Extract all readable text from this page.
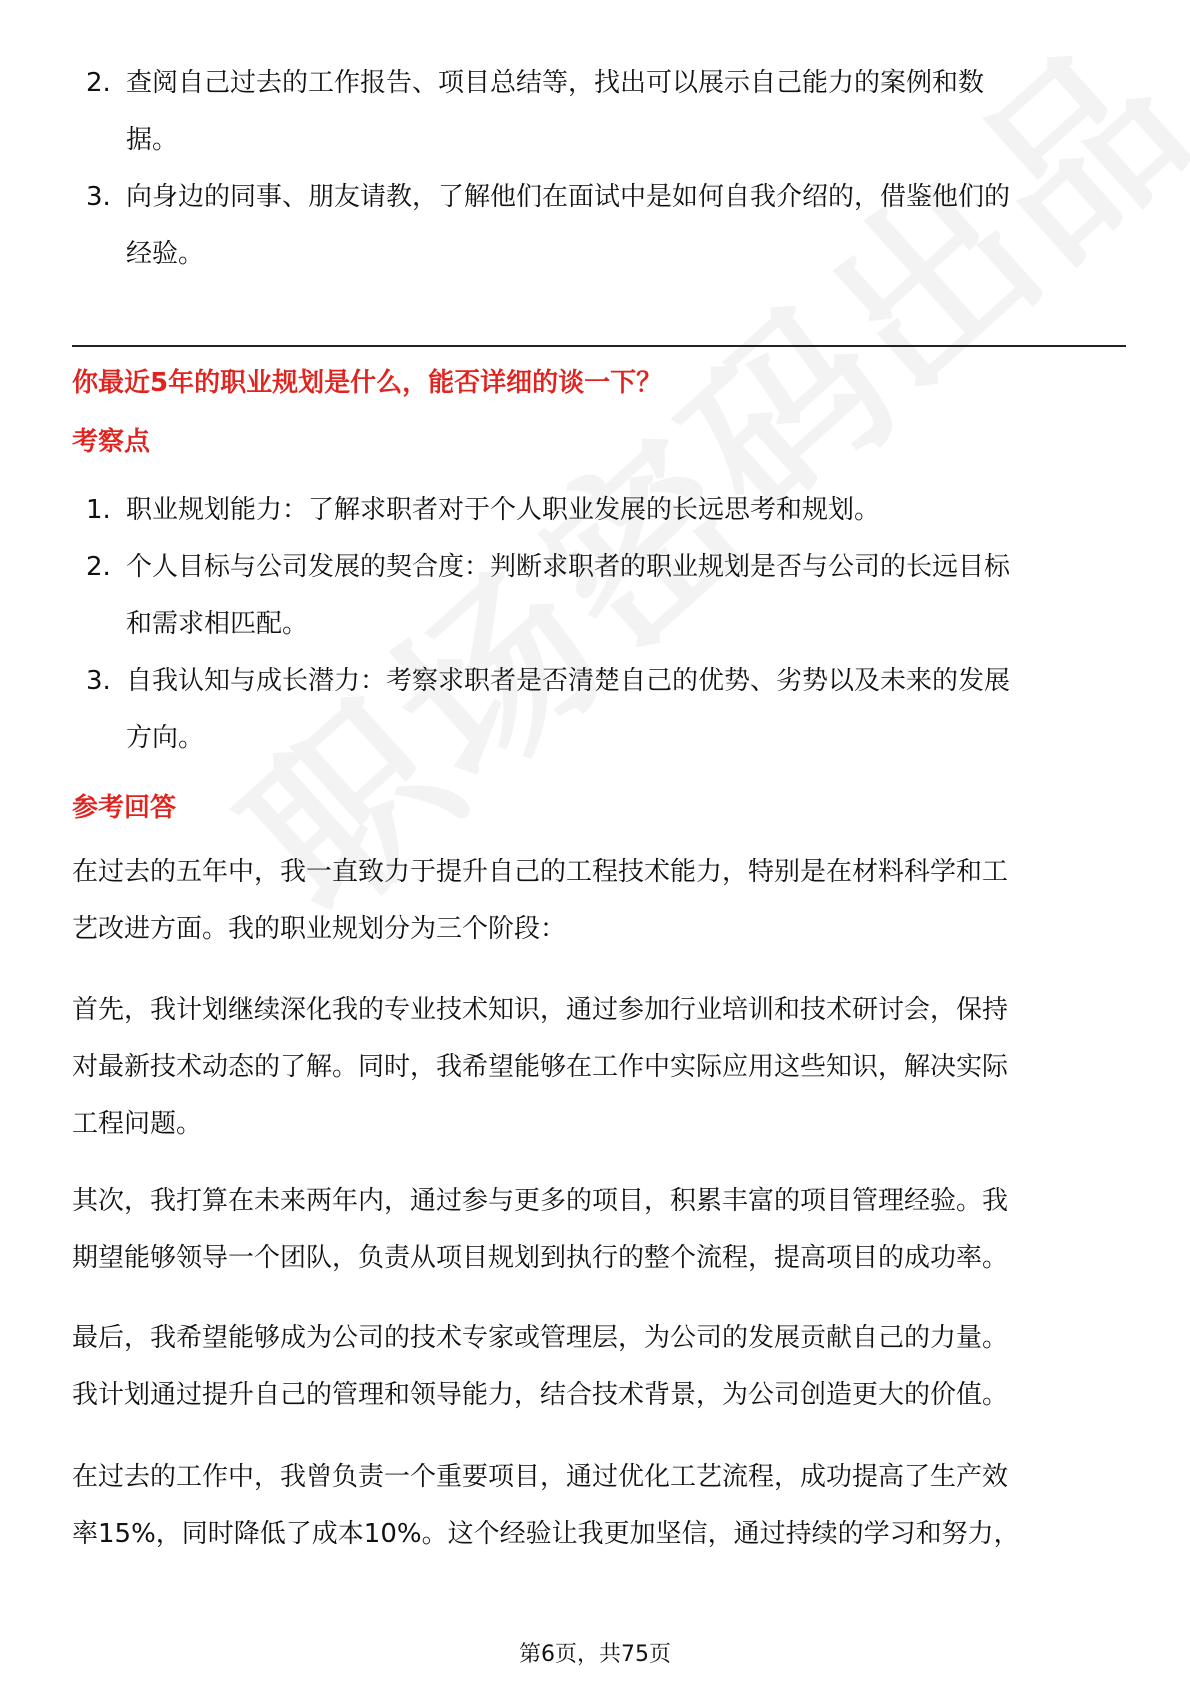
2. 查阅自己过去的工作报告、项目总结等，找出可以展示自己能力的案例和数
据。
3. 向身边的同事、朋友请教，了解他们在面试中是如何自我介绍的，借鉴他们的
经验。
你最近5年的职业规划是什么，能否详细的谈一下？
考察点
1. 职业规划能力：了解求职者对于个人职业发展的长远思考和规划。
2. 个人目标与公司发展的契合度：判断求职者的职业规划是否与公司的长远目标
和需求相匹配。
3. 自我认知与成长潜力：考察求职者是否清楚自己的优势、劣势以及未来的发展
方向。
参考回答

在过去的五年中，我一直致力于提升自己的工程技术能力，特别是在材料科学和工
艺改进方面。我的职业规划分为三个阶段：

首先，我计划继续深化我的专业技术知识，通过参加行业培训和技术研讨会，保持
对最新技术动态的了解。同时，我希望能够在工作中实际应用这些知识，解决实际
工程问题。

其次，我打算在未来两年内，通过参与更多的项目，积累丰富的项目管理经验。我
期望能够领导一个团队，负责从项目规划到执行的整个流程，提高项目的成功率。

最后，我希望能够成为公司的技术专家或管理层，为公司的发展贡献自己的力量。
我计划通过提升自己的管理和领导能力，结合技术背景，为公司创造更大的价值。

在过去的工作中，我曾负责一个重要项目，通过优化工艺流程，成功提高了生产效
率15%，同时降低了成本10%。这个经验让我更加坚信，通过持续的学习和努力，

第6页，共75页
